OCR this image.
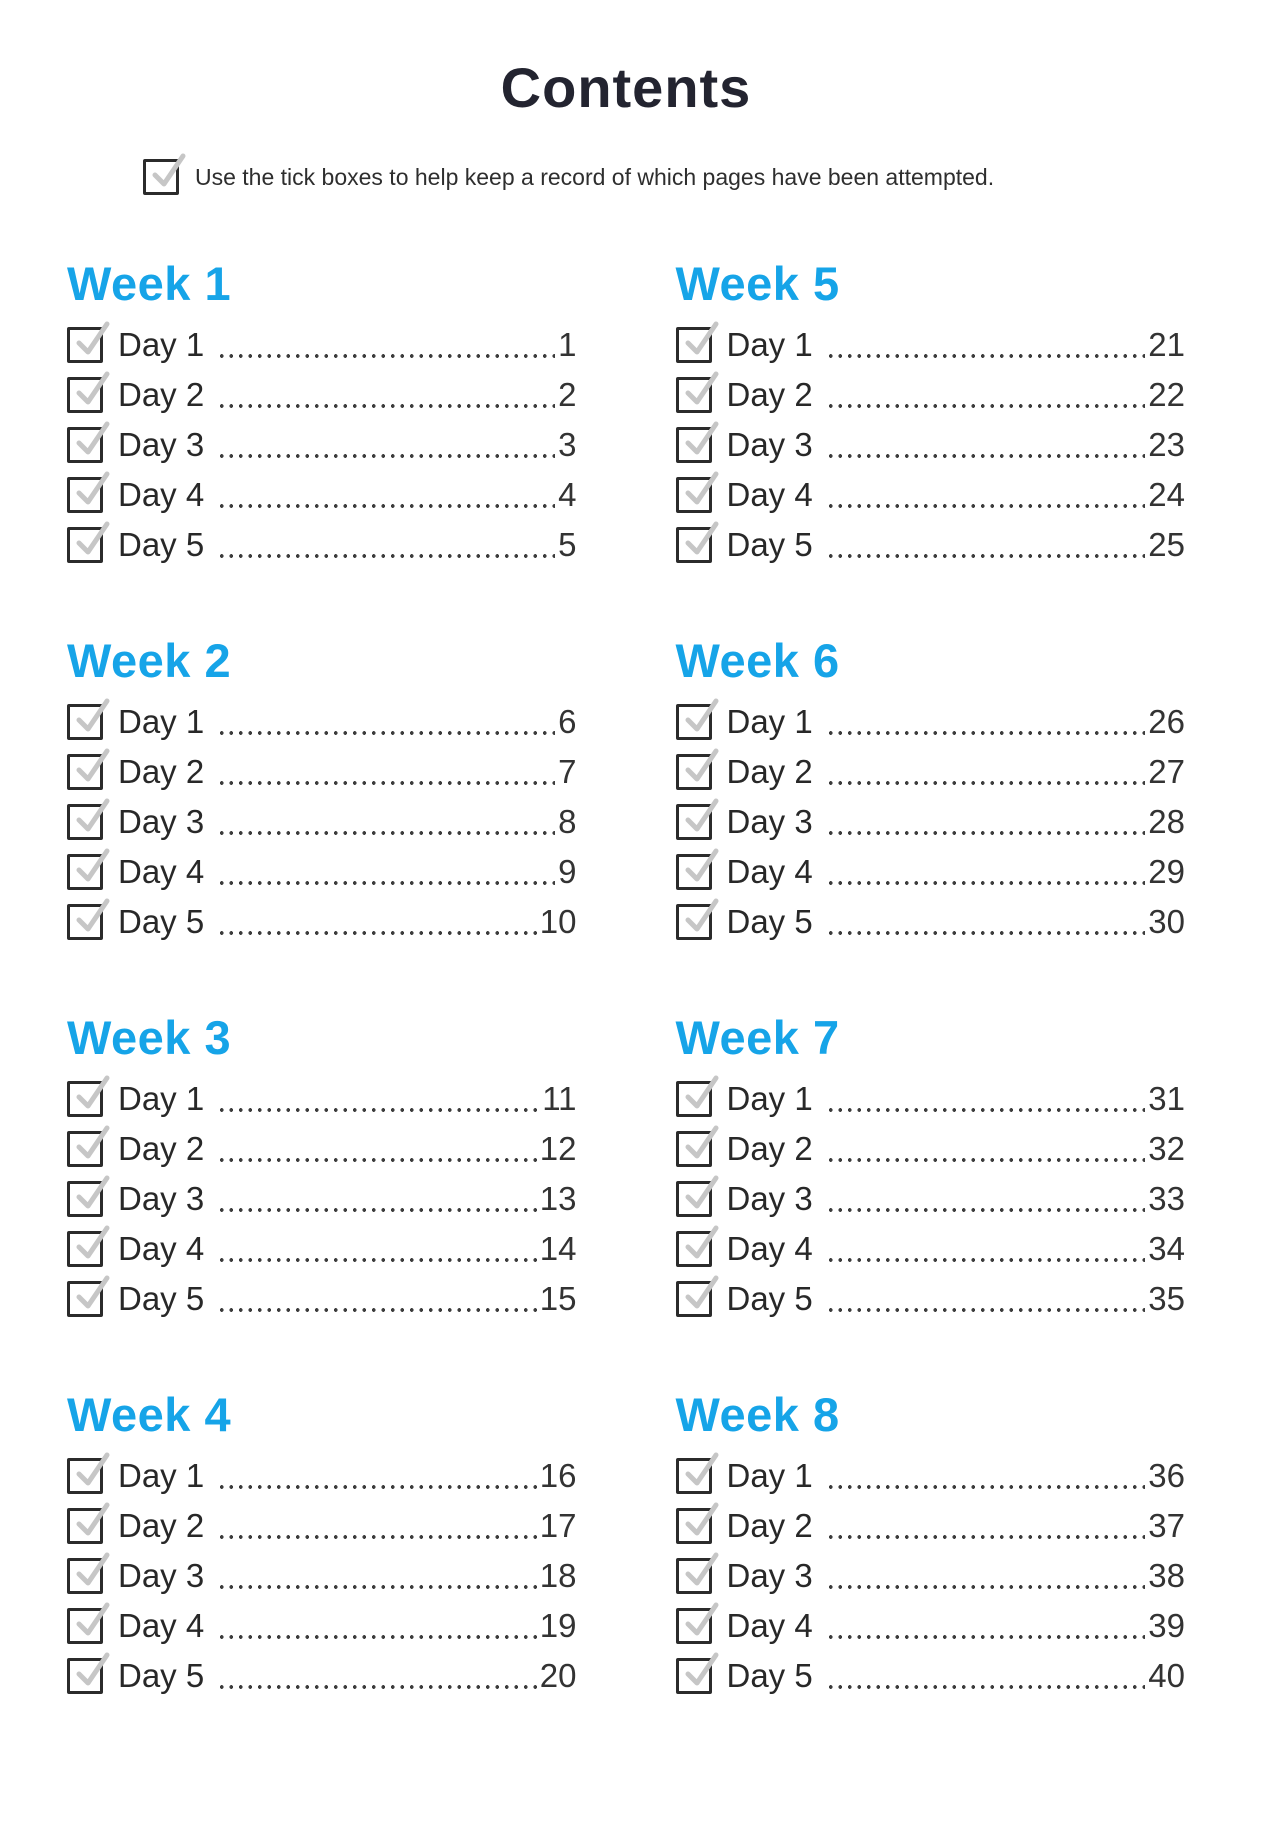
Contents
Use the tick boxes to help keep a record of which pages have been attempted.
Week 1
Day 1	1
Day 2	2
Day 3	3
Day 4	4
Day 5	5
Week 2
Day 1	6
Day 2	7
Day 3	8
Day 4	9
Day 5	10
Week 3
Day 1	11
Day 2	12
Day 3	13
Day 4	14
Day 5	15
Week 4
Day 1	16
Day 2	17
Day 3	18
Day 4	19
Day 5	20
Week 5
Day 1	21
Day 2	22
Day 3	23
Day 4	24
Day 5	25
Week 6
Day 1	26
Day 2	27
Day 3	28
Day 4	29
Day 5	30
Week 7
Day 1	31
Day 2	32
Day 3	33
Day 4	34
Day 5	35
Week 8
Day 1	36
Day 2	37
Day 3	38
Day 4	39
Day 5	40
